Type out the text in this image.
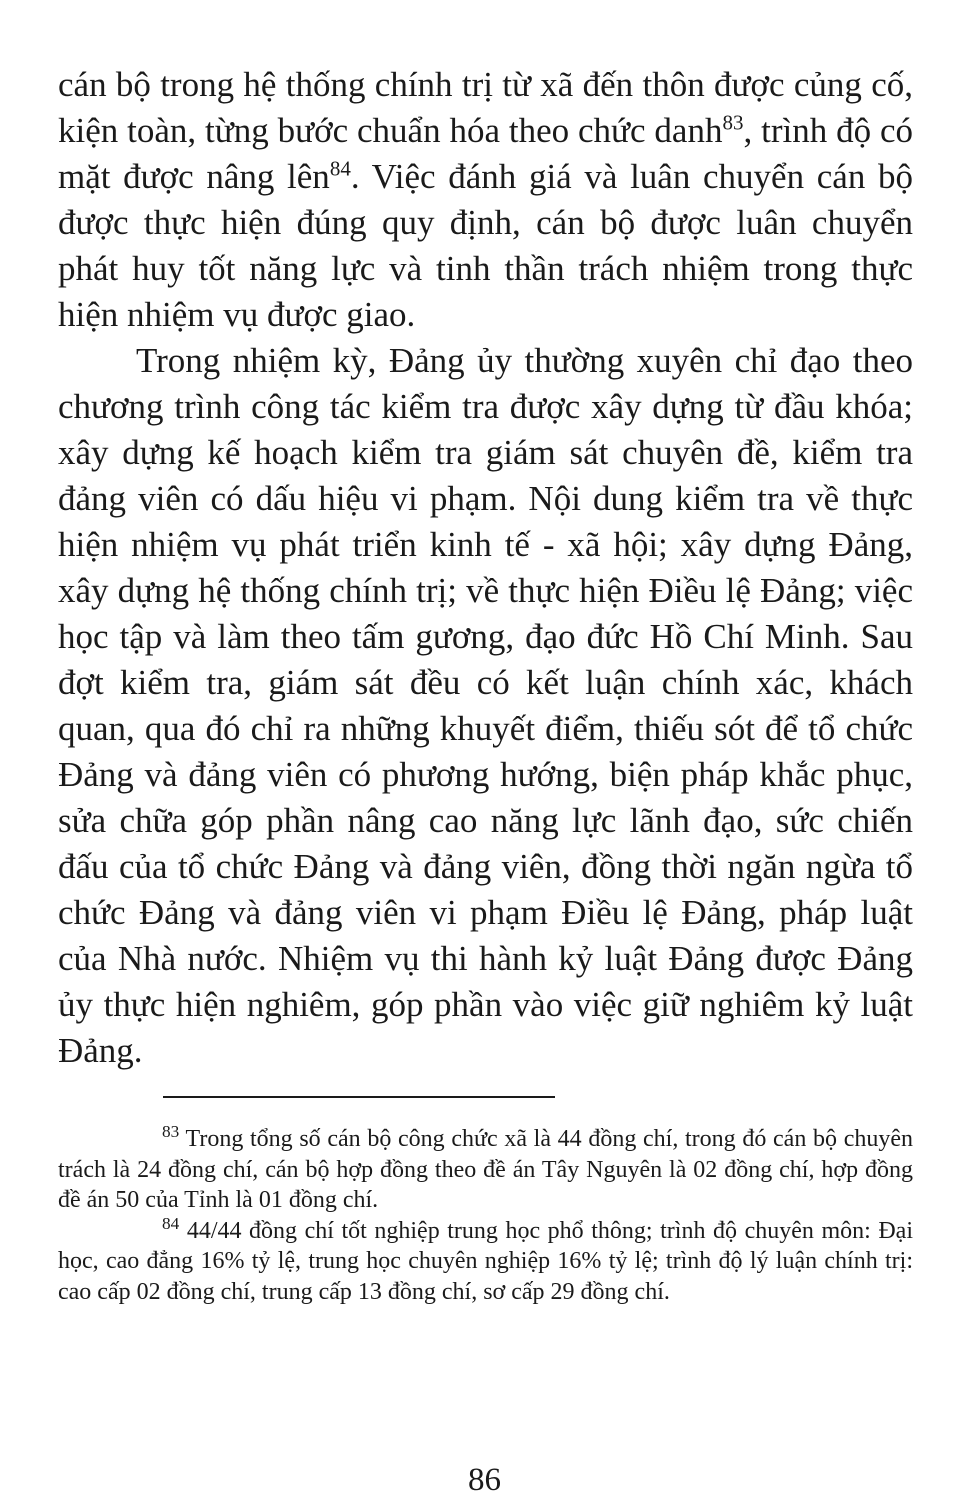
cán bộ trong hệ thống chính trị từ xã đến thôn được củng cố, kiện toàn, từng bước chuẩn hóa theo chức danh$^{83}$, trình độ có mặt được nâng lên$^{84}$. Việc đánh giá và luân chuyển cán bộ được thực hiện đúng quy định, cán bộ được luân chuyển phát huy tốt năng lực và tinh thần trách nhiệm trong thực hiện nhiệm vụ được giao.

Trong nhiệm kỳ, Đảng ủy thường xuyên chỉ đạo theo chương trình công tác kiểm tra được xây dựng từ đầu khóa; xây dựng kế hoạch kiểm tra giám sát chuyên đề, kiểm tra đảng viên có dấu hiệu vi phạm. Nội dung kiểm tra về thực hiện nhiệm vụ phát triển kinh tế - xã hội; xây dựng Đảng, xây dựng hệ thống chính trị; về thực hiện Điều lệ Đảng; việc học tập và làm theo tấm gương, đạo đức Hồ Chí Minh. Sau đợt kiểm tra, giám sát đều có kết luận chính xác, khách quan, qua đó chỉ ra những khuyết điểm, thiếu sót để tổ chức Đảng và đảng viên có phương hướng, biện pháp khắc phục, sửa chữa góp phần nâng cao năng lực lãnh đạo, sức chiến đấu của tổ chức Đảng và đảng viên, đồng thời ngăn ngừa tổ chức Đảng và đảng viên vi phạm Điều lệ Đảng, pháp luật của Nhà nước. Nhiệm vụ thi hành kỷ luật Đảng được Đảng ủy thực hiện nghiêm, góp phần vào việc giữ nghiêm kỷ luật Đảng.

$^{83}$ Trong tổng số cán bộ công chức xã là 44 đồng chí, trong đó cán bộ chuyên trách là 24 đồng chí, cán bộ hợp đồng theo đề án Tây Nguyên là 02 đồng chí, hợp đồng đề án 50 của Tỉnh là 01 đồng chí.

$^{84}$ 44/44 đồng chí tốt nghiệp trung học phổ thông; trình độ chuyên môn: Đại học, cao đẳng 16% tỷ lệ, trung học chuyên nghiệp 16% tỷ lệ; trình độ lý luận chính trị: cao cấp 02 đồng chí, trung cấp 13 đồng chí, sơ cấp 29 đồng chí.

86
